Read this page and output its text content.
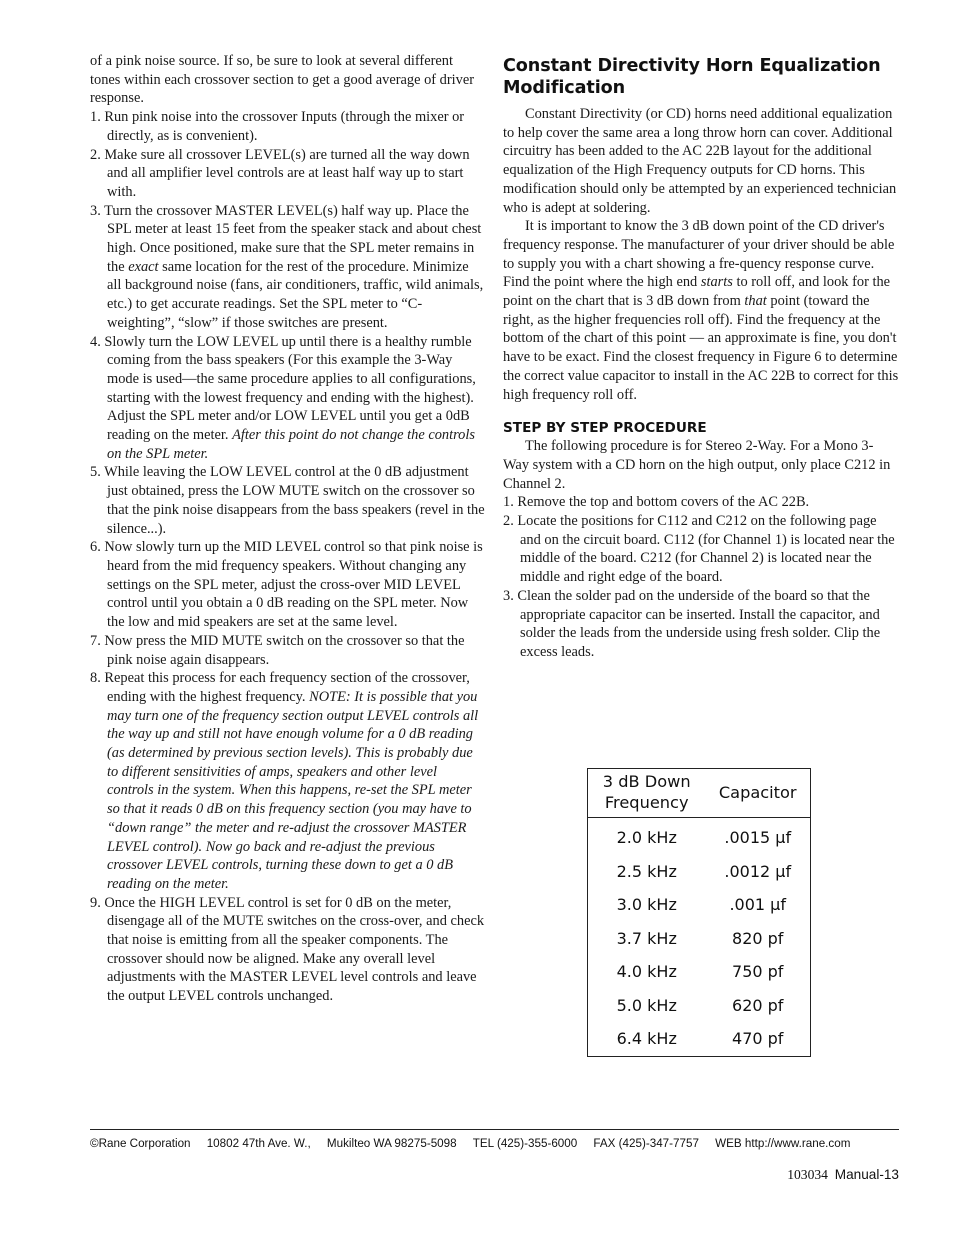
of a pink noise source. If so, be sure to look at several different tones within each crossover section to get a good average of driver response.

1. Run pink noise into the crossover Inputs (through the mixer or directly, as is convenient).
2. Make sure all crossover LEVEL(s) are turned all the way down and all amplifier level controls are at least half way up to start with.
3. Turn the crossover MASTER LEVEL(s) half way up. Place the SPL meter at least 15 feet from the speaker stack and about chest high. Once positioned, make sure that the SPL meter remains in the exact same location for the rest of the procedure. Minimize all background noise (fans, air conditioners, traffic, wild animals, etc.) to get accurate readings. Set the SPL meter to “C-weighting”, “slow” if those switches are present.
4. Slowly turn the LOW LEVEL up until there is a healthy rumble coming from the bass speakers (For this example the 3-Way mode is used—the same procedure applies to all configurations, starting with the lowest frequency and ending with the highest). Adjust the SPL meter and/or LOW LEVEL until you get a 0dB reading on the meter. After this point do not change the controls on the SPL meter.
5. While leaving the LOW LEVEL control at the 0 dB adjustment just obtained, press the LOW MUTE switch on the crossover so that the pink noise disappears from the bass speakers (revel in the silence...).
6. Now slowly turn up the MID LEVEL control so that pink noise is heard from the mid frequency speakers. Without changing any settings on the SPL meter, adjust the cross-over MID LEVEL control until you obtain a 0 dB reading on the SPL meter. Now the low and mid speakers are set at the same level.
7. Now press the MID MUTE switch on the crossover so that the pink noise again disappears.
8. Repeat this process for each frequency section of the crossover, ending with the highest frequency. NOTE: It is possible that you may turn one of the frequency section output LEVEL controls all the way up and still not have enough volume for a 0 dB reading (as determined by previous section levels). This is probably due to different sensitivities of amps, speakers and other level controls in the system. When this happens, re-set the SPL meter so that it reads 0 dB on this frequency section (you may have to “down range” the meter and re-adjust the crossover MASTER LEVEL control). Now go back and re-adjust the previous crossover LEVEL controls, turning these down to get a 0 dB reading on the meter.
9. Once the HIGH LEVEL control is set for 0 dB on the meter, disengage all of the MUTE switches on the cross-over, and check that noise is emitting from all the speaker components. The crossover should now be aligned. Make any overall level adjustments with the MASTER LEVEL level controls and leave the output LEVEL controls unchanged.
Constant Directivity Horn Equalization Modification

Constant Directivity (or CD) horns need additional equalization to help cover the same area a long throw horn can cover. Additional circuitry has been added to the AC 22B layout for the additional equalization of the High Frequency outputs for CD horns. This modification should only be attempted by an experienced technician who is adept at soldering.

It is important to know the 3 dB down point of the CD driver's frequency response. The manufacturer of your driver should be able to supply you with a chart showing a fre-quency response curve. Find the point where the high end starts to roll off, and look for the point on the chart that is 3 dB down from that point (toward the right, as the higher frequencies roll off). Find the frequency at the bottom of the chart of this point — an approximate is fine, you don't have to be exact. Find the closest frequency in Figure 6 to determine the correct value capacitor to install in the AC 22B to correct for this high frequency roll off.

STEP BY STEP PROCEDURE

The following procedure is for Stereo 2-Way. For a Mono 3-Way system with a CD horn on the high output, only place C212 in Channel 2.

1. Remove the top and bottom covers of the AC 22B.
2. Locate the positions for C112 and C212 on the following page and on the circuit board. C112 (for Channel 1) is located near the middle of the board. C212 (for Channel 2) is located near the middle and right edge of the board.
3. Clean the solder pad on the underside of the board so that the appropriate capacitor can be inserted. Install the capacitor, and solder the leads from the underside using fresh solder. Clip the excess leads.
3 dB Down
Frequency	Capacitor
2.0 kHz	.0015 µf
2.5 kHz	.0012 µf
3.0 kHz	.001 µf
3.7 kHz	820 pf
4.0 kHz	750 pf
5.0 kHz	620 pf
6.4 kHz	470 pf
©Rane Corporation 10802 47th Ave. W., Mukilteo WA 98275-5098 TEL (425)-355-6000 FAX (425)-347-7757 WEB http://www.rane.com
103034 Manual-13
